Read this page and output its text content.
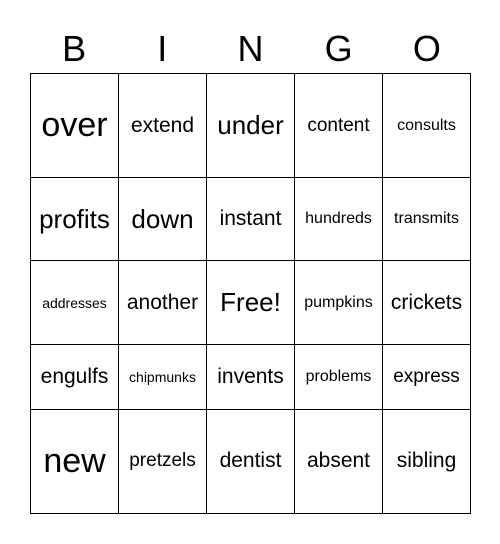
B	I	N	G	O
over	extend	under	content	consults
profits	down	instant	hundreds	transmits
addresses	another	Free!	pumpkins	crickets
engulfs	chipmunks	invents	problems	express
new	pretzels	dentist	absent	sibling
